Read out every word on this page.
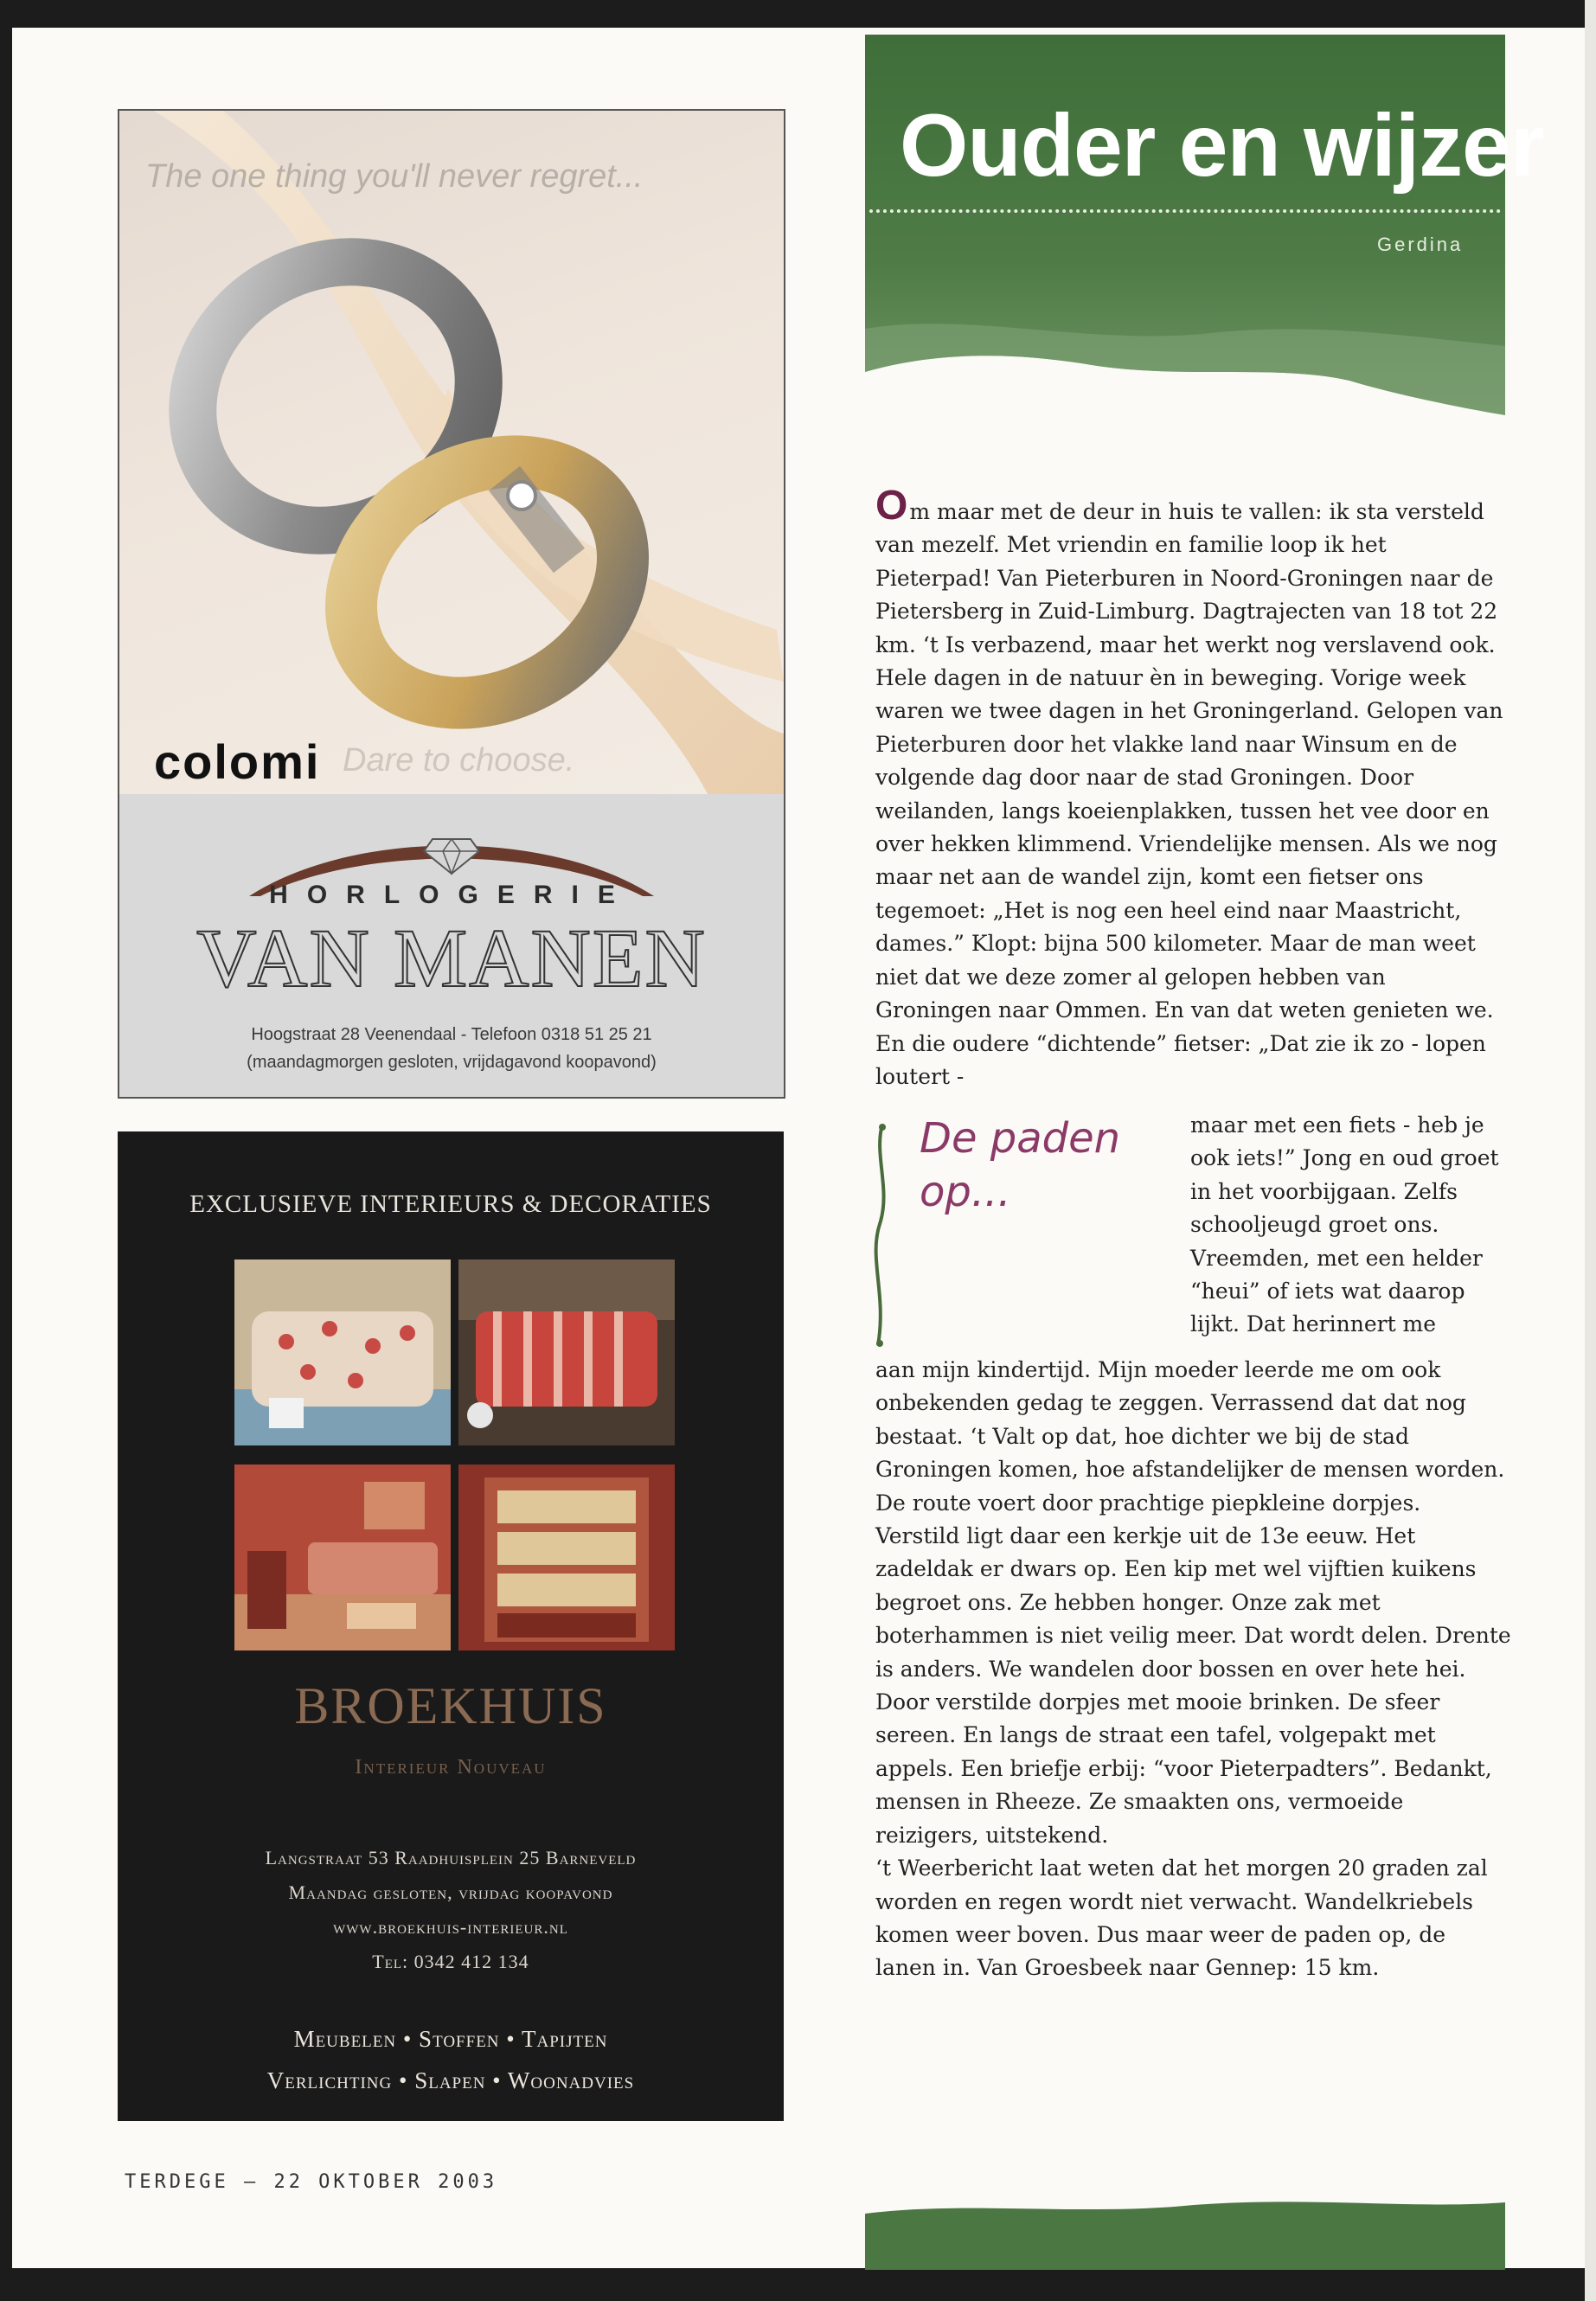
The one thing you'll never regret...
colomi Dare to choose.
HORLOGERIE
VAN MANEN
Hoogstraat 28 Veenendaal - Telefoon 0318 51 25 21
(maandagmorgen gesloten, vrijdagavond koopavond)
EXCLUSIEVE INTERIEURS & DECORATIES
BROEKHUIS
Interieur Nouveau
Langstraat 53 Raadhuisplein 25 Barneveld
Maandag gesloten, vrijdag koopavond
www.broekhuis-interieur.nl
Tel: 0342 412 134
Meubelen • Stoffen • Tapijten
Verlichting • Slapen • Woonadvies
TERDEGE – 22 OKTOBER 2003
Ouder en wijzer
Gerdina

Om maar met de deur in huis te vallen: ik sta versteld van mezelf. Met vriendin en familie loop ik het Pieterpad! Van Pieterburen in Noord-Groningen naar de Pietersberg in Zuid-Limburg. Dagtrajecten van 18 tot 22 km. ‘t Is verbazend, maar het werkt nog verslavend ook. Hele dagen in de natuur èn in beweging. Vorige week waren we twee dagen in het Groningerland. Gelopen van Pieterburen door het vlakke land naar Winsum en de volgende dag door naar de stad Groningen. Door weilanden, langs koeienplakken, tussen het vee door en over hekken klimmend. Vriendelijke mensen. Als we nog maar net aan de wandel zijn, komt een fietser ons tegemoet: „Het is nog een heel eind naar Maastricht, dames.” Klopt: bijna 500 kilometer. Maar de man weet niet dat we deze zomer al gelopen hebben van Groningen naar Ommen. En van dat weten genieten we. En die oudere “dichtende” fietser: „Dat zie ik zo - lopen loutert -

De paden op...

maar met een fiets - heb je ook iets!” Jong en oud groet in het voorbijgaan. Zelfs schooljeugd groet ons. Vreemden, met een helder “heui” of iets wat daarop lijkt. Dat herinnert me

aan mijn kindertijd. Mijn moeder leerde me om ook onbekenden gedag te zeggen. Verrassend dat dat nog bestaat. ‘t Valt op dat, hoe dichter we bij de stad Groningen komen, hoe afstandelijker de mensen worden.

De route voert door prachtige piepkleine dorpjes. Verstild ligt daar een kerkje uit de 13e eeuw. Het zadeldak er dwars op. Een kip met wel vijftien kuikens begroet ons. Ze hebben honger. Onze zak met boterhammen is niet veilig meer. Dat wordt delen. Drente is anders. We wandelen door bossen en over hete hei. Door verstilde dorpjes met mooie brinken. De sfeer sereen. En langs de straat een tafel, volgepakt met appels. Een briefje erbij: “voor Pieterpadters”. Bedankt, mensen in Rheeze. Ze smaakten ons, vermoeide reizigers, uitstekend.

‘t Weerbericht laat weten dat het morgen 20 graden zal worden en regen wordt niet verwacht. Wandelkriebels komen weer boven. Dus maar weer de paden op, de lanen in. Van Groesbeek naar Gennep: 15 km.
